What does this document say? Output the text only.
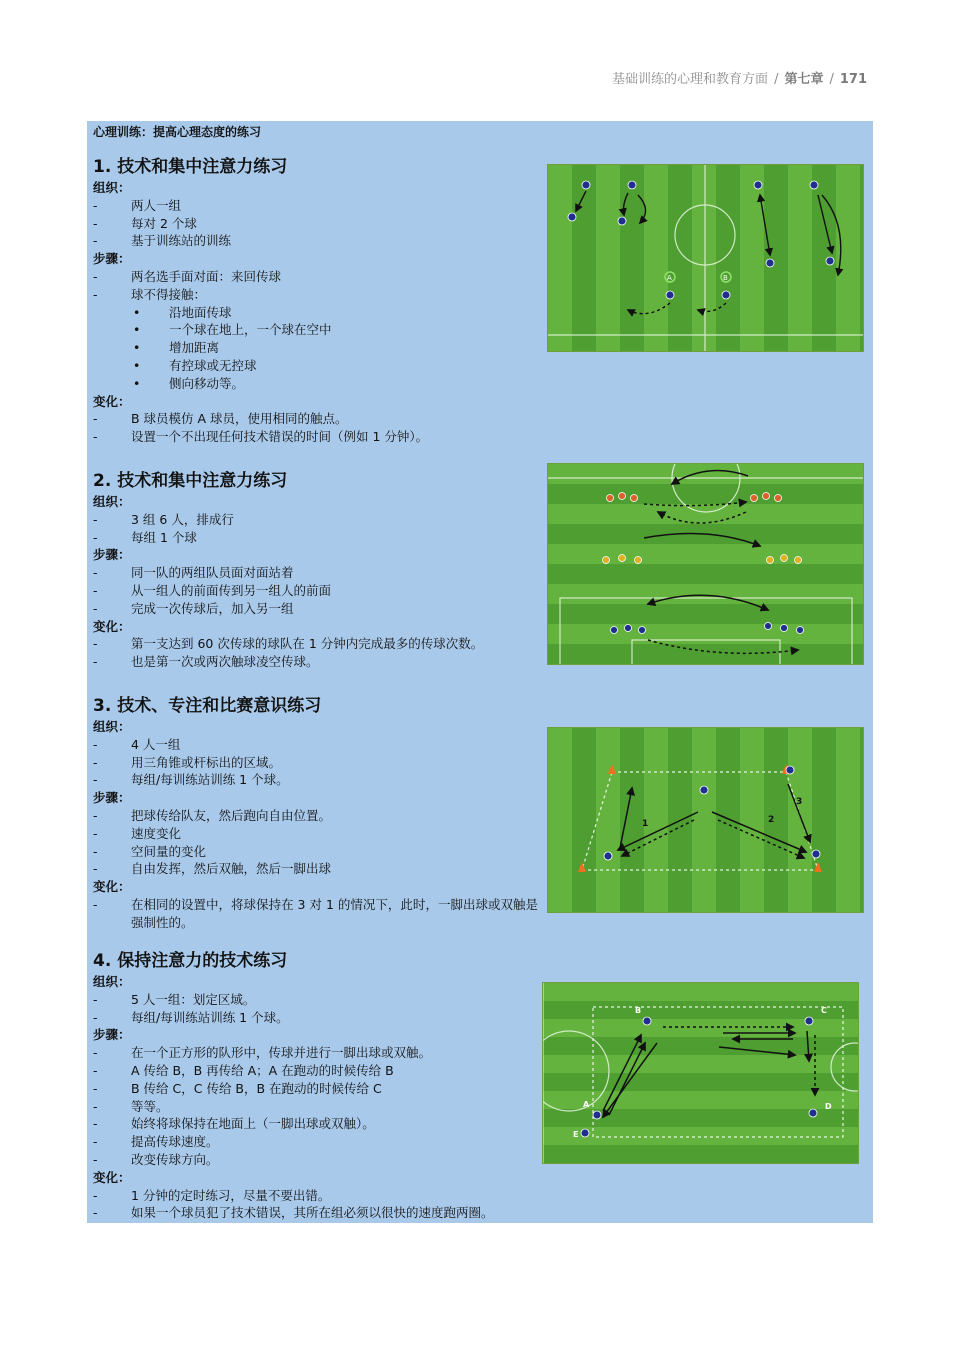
基础训练的心理和教育方面 / 第七章 / 171
心理训练：提高心理态度的练习
1. 技术和集中注意力练习
组织：
-	两人一组
-	每对 2 个球
-	基于训练站的训练
步骤：
-	两名选手面对面：来回传球
-	球不得接触：
•	沿地面传球
•	一个球在地上，一个球在空中
•	增加距离
•	有控球或无控球
•	侧向移动等。
变化：
-	B 球员模仿 A 球员，使用相同的触点。
-	设置一个不出现任何技术错误的时间（例如 1 分钟）。
2. 技术和集中注意力练习
组织：
-	3 组 6 人，排成行
-	每组 1 个球
步骤：
-	同一队的两组队员面对面站着
-	从一组人的前面传到另一组人的前面
-	完成一次传球后，加入另一组
变化：
-	第一支达到 60 次传球的球队在 1 分钟内完成最多的传球次数。
-	也是第一次或两次触球凌空传球。
3. 技术、专注和比赛意识练习
组织：
-	4 人一组
-	用三角锥或杆标出的区域。
-	每组/每训练站训练 1 个球。
步骤：
-	把球传给队友，然后跑向自由位置。
-	速度变化
-	空间量的变化
-	自由发挥，然后双触，然后一脚出球
变化：
-	在相同的设置中，将球保持在 3 对 1 的情况下，此时，一脚出球或双触是强制性的。
4. 保持注意力的技术练习
组织：
-	5 人一组：划定区域。
-	每组/每训练站训练 1 个球。
步骤：
-	在一个正方形的队形中，传球并进行一脚出球或双触。
-	A 传给 B，B 再传给 A；A 在跑动的时候传给 B
-	B 传给 C，C 传给 B，B 在跑动的时候传给 C
-	等等。
-	始终将球保持在地面上（一脚出球或双触）。
-	提高传球速度。
-	改变传球方向。
变化：
-	1 分钟的定时练习，尽量不要出错。
-	如果一个球员犯了技术错误，其所在组必须以很快的速度跑两圈。
A	B
1	2
3
B	C
D
A
E
